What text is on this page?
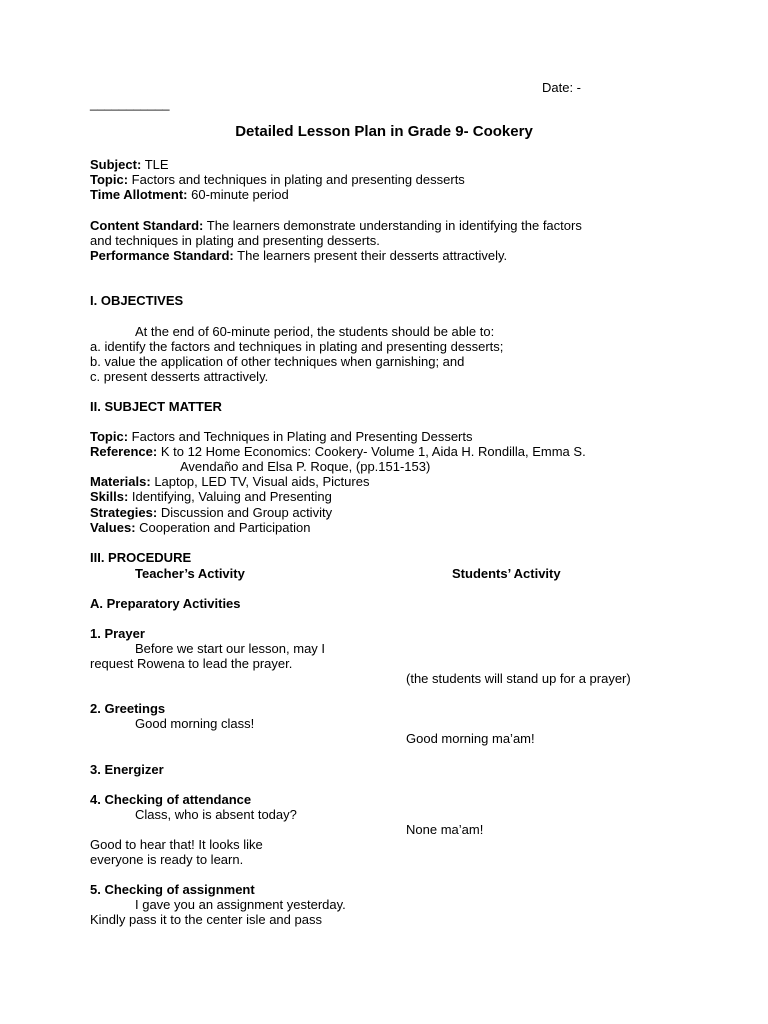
Date: -
___________
Detailed Lesson Plan in Grade 9- Cookery
Subject: TLE
Topic: Factors and techniques in plating and presenting desserts
Time Allotment: 60-minute period
Content Standard: The learners demonstrate understanding in identifying the factors
and techniques in plating and presenting desserts.
Performance Standard: The learners present their desserts attractively.
I. OBJECTIVES
At the end of 60-minute period, the students should be able to:
a. identify the factors and techniques in plating and presenting desserts;
b. value the application of other techniques when garnishing; and
c. present desserts attractively.
II. SUBJECT MATTER
Topic: Factors and Techniques in Plating and Presenting Desserts
Reference: K to 12 Home Economics: Cookery- Volume 1, Aida H. Rondilla, Emma S.
Avendaño and Elsa P. Roque, (pp.151-153)
Materials: Laptop, LED TV, Visual aids, Pictures
Skills: Identifying, Valuing and Presenting
Strategies: Discussion and Group activity
Values: Cooperation and Participation
III. PROCEDURE
Teacher’s Activity	Students’ Activity
A. Preparatory Activities
1. Prayer
Before we start our lesson, may I
request Rowena to lead the prayer.
(the students will stand up for a prayer)
2. Greetings
Good morning class!
Good morning ma’am!
3. Energizer
4. Checking of attendance
Class, who is absent today?
None ma’am!
Good to hear that! It looks like
everyone is ready to learn.
5. Checking of assignment
I gave you an assignment yesterday.
Kindly pass it to the center isle and pass
